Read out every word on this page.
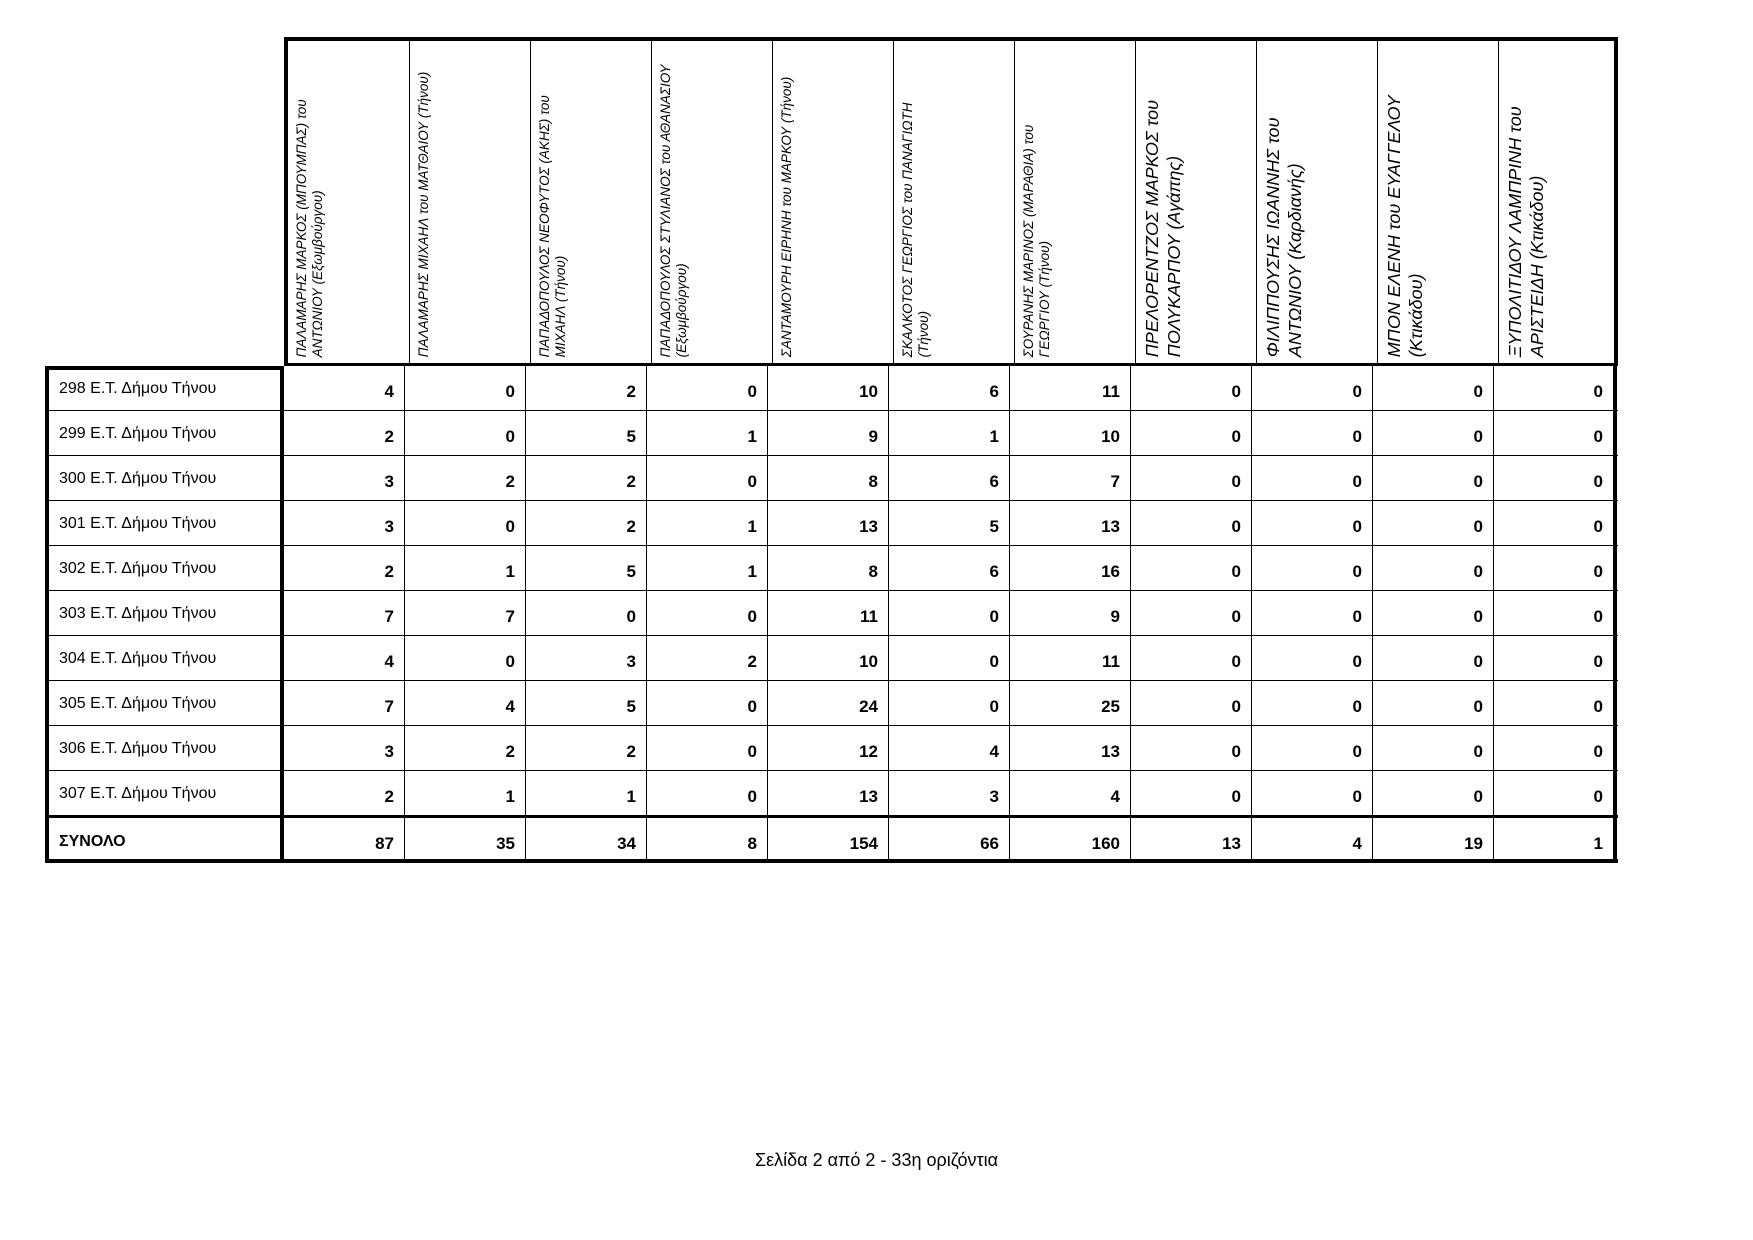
ΠΑΛΑΜΑΡΗΣ ΜΑΡΚΟΣ (ΜΠΟΥΜΠΑΣ) του ΑΝΤΩΝΙΟΥ (Εξωμβούργου)	ΠΑΛΑΜΑΡΗΣ ΜΙΧΑΗΛ του ΜΑΤΘΑΙΟΥ (Τήνου)	ΠΑΠΑΔΟΠΟΥΛΟΣ ΝΕΟΦΥΤΟΣ (ΑΚΗΣ) του ΜΙΧΑΗΛ (Τήνου)	ΠΑΠΑΔΟΠΟΥΛΟΣ ΣΤΥΛΙΑΝΟΣ του ΑΘΑΝΑΣΙΟΥ (Εξωμβούργου)	ΣΑΝΤΑΜΟΥΡΗ ΕΙΡΗΝΗ του ΜΑΡΚΟΥ (Τήνου)	ΣΚΑΛΚΟΤΟΣ ΓΕΩΡΓΙΟΣ του ΠΑΝΑΓΙΩΤΗ (Τήνου)	ΣΟΥΡΑΝΗΣ ΜΑΡΙΝΟΣ (ΜΑΡΑΘΙΑ) του ΓΕΩΡΓΙΟΥ (Τήνου)	ΠΡΕΛΟΡΕΝΤΖΟΣ ΜΑΡΚΟΣ του ΠΟΛΥΚΑΡΠΟΥ (Αγάπης)	ΦΙΛΙΠΠΟΥΣΗΣ ΙΩΑΝΝΗΣ του ΑΝΤΩΝΙΟΥ (Καρδιανής)	ΜΠΟΝ ΕΛΕΝΗ του ΕΥΑΓΓΕΛΟΥ (Κτικάδου)	ΞΥΠΟΛΙΤΙΔΟΥ ΛΑΜΠΡΙΝΗ του ΑΡΙΣΤΕΙΔΗ (Κτικάδου)
298 Ε.Τ. Δήμου Τήνου	4	0	2	0	10	6	11	0	0	0	0
299 Ε.Τ. Δήμου Τήνου	2	0	5	1	9	1	10	0	0	0	0
300 Ε.Τ. Δήμου Τήνου	3	2	2	0	8	6	7	0	0	0	0
301 Ε.Τ. Δήμου Τήνου	3	0	2	1	13	5	13	0	0	0	0
302 Ε.Τ. Δήμου Τήνου	2	1	5	1	8	6	16	0	0	0	0
303 Ε.Τ. Δήμου Τήνου	7	7	0	0	11	0	9	0	0	0	0
304 Ε.Τ. Δήμου Τήνου	4	0	3	2	10	0	11	0	0	0	0
305 Ε.Τ. Δήμου Τήνου	7	4	5	0	24	0	25	0	0	0	0
306 Ε.Τ. Δήμου Τήνου	3	2	2	0	12	4	13	0	0	0	0
307 Ε.Τ. Δήμου Τήνου	2	1	1	0	13	3	4	0	0	0	0
ΣΥΝΟΛΟ	87	35	34	8	154	66	160	13	4	19	1
Σελίδα 2 από 2 - 33η οριζόντια
